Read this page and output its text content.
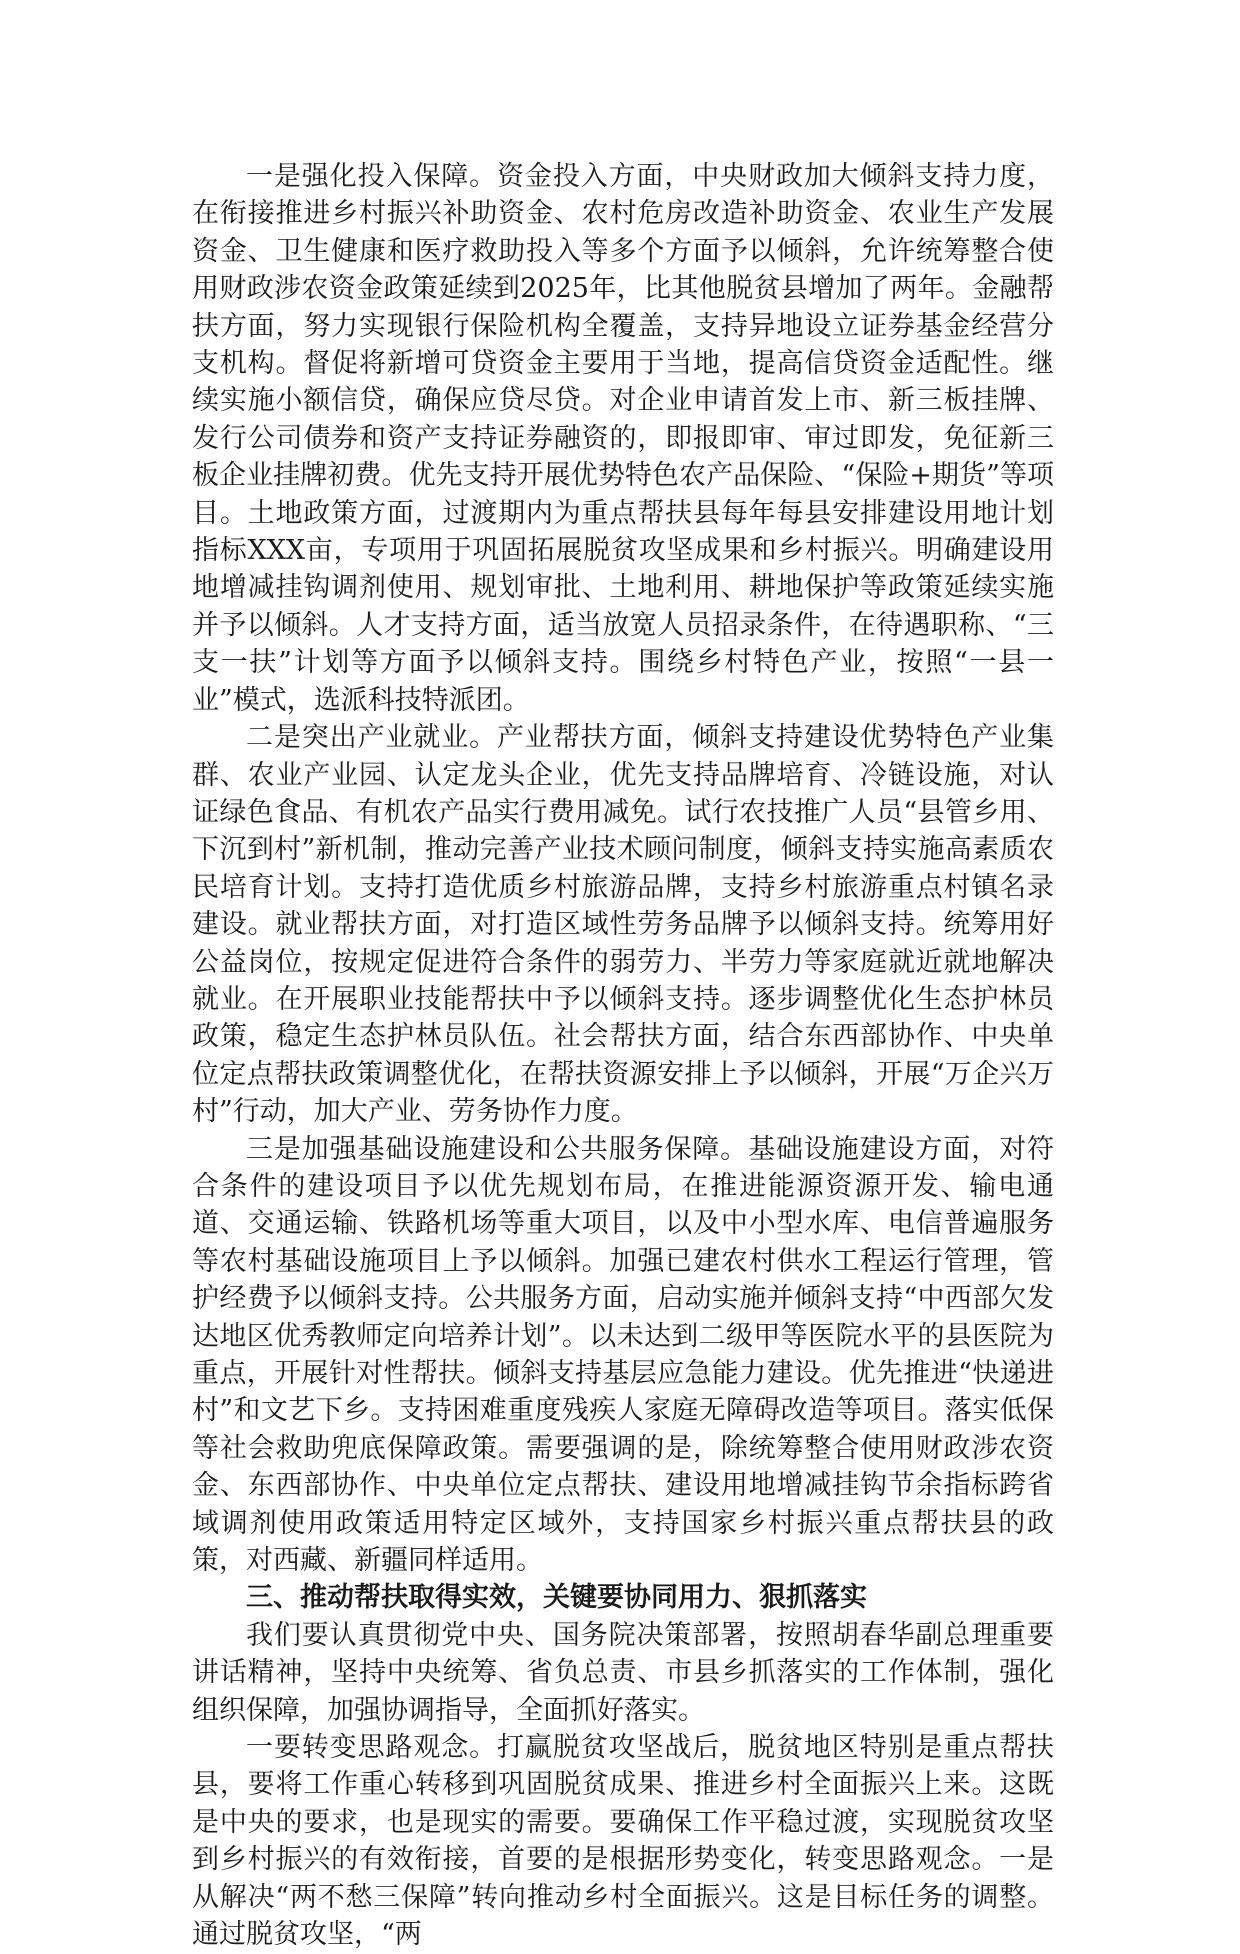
一是强化投入保障。资金投入方面，中央财政加大倾斜支持力度，在衔接推进乡村振兴补助资金、农村危房改造补助资金、农业生产发展资金、卫生健康和医疗救助投入等多个方面予以倾斜，允许统筹整合使用财政涉农资金政策延续到2025年，比其他脱贫县增加了两年。金融帮扶方面，努力实现银行保险机构全覆盖，支持异地设立证券基金经营分支机构。督促将新增可贷资金主要用于当地，提高信贷资金适配性。继续实施小额信贷，确保应贷尽贷。对企业申请首发上市、新三板挂牌、发行公司债券和资产支持证券融资的，即报即审、审过即发，免征新三板企业挂牌初费。优先支持开展优势特色农产品保险、“保险+期货”等项目。土地政策方面，过渡期内为重点帮扶县每年每县安排建设用地计划指标XXX亩，专项用于巩固拓展脱贫攻坚成果和乡村振兴。明确建设用地增减挂钩调剂使用、规划审批、土地利用、耕地保护等政策延续实施并予以倾斜。人才支持方面，适当放宽人员招录条件，在待遇职称、“三支一扶”计划等方面予以倾斜支持。围绕乡村特色产业，按照“一县一业”模式，选派科技特派团。

二是突出产业就业。产业帮扶方面，倾斜支持建设优势特色产业集群、农业产业园、认定龙头企业，优先支持品牌培育、冷链设施，对认证绿色食品、有机农产品实行费用减免。试行农技推广人员“县管乡用、下沉到村”新机制，推动完善产业技术顾问制度，倾斜支持实施高素质农民培育计划。支持打造优质乡村旅游品牌，支持乡村旅游重点村镇名录建设。就业帮扶方面，对打造区域性劳务品牌予以倾斜支持。统筹用好公益岗位，按规定促进符合条件的弱劳力、半劳力等家庭就近就地解决就业。在开展职业技能帮扶中予以倾斜支持。逐步调整优化生态护林员政策，稳定生态护林员队伍。社会帮扶方面，结合东西部协作、中央单位定点帮扶政策调整优化，在帮扶资源安排上予以倾斜，开展“万企兴万村”行动，加大产业、劳务协作力度。

三是加强基础设施建设和公共服务保障。基础设施建设方面，对符合条件的建设项目予以优先规划布局，在推进能源资源开发、输电通道、交通运输、铁路机场等重大项目，以及中小型水库、电信普遍服务等农村基础设施项目上予以倾斜。加强已建农村供水工程运行管理，管护经费予以倾斜支持。公共服务方面，启动实施并倾斜支持“中西部欠发达地区优秀教师定向培养计划”。以未达到二级甲等医院水平的县医院为重点，开展针对性帮扶。倾斜支持基层应急能力建设。优先推进“快递进村”和文艺下乡。支持困难重度残疾人家庭无障碍改造等项目。落实低保等社会救助兜底保障政策。需要强调的是，除统筹整合使用财政涉农资金、东西部协作、中央单位定点帮扶、建设用地增减挂钩节余指标跨省域调剂使用政策适用特定区域外，支持国家乡村振兴重点帮扶县的政策，对西藏、新疆同样适用。

三、推动帮扶取得实效，关键要协同用力、狠抓落实

我们要认真贯彻党中央、国务院决策部署，按照胡春华副总理重要讲话精神，坚持中央统筹、省负总责、市县乡抓落实的工作体制，强化组织保障，加强协调指导，全面抓好落实。

一要转变思路观念。打赢脱贫攻坚战后，脱贫地区特别是重点帮扶县，要将工作重心转移到巩固脱贫成果、推进乡村全面振兴上来。这既是中央的要求，也是现实的需要。要确保工作平稳过渡，实现脱贫攻坚到乡村振兴的有效衔接，首要的是根据形势变化，转变思路观念。一是从解决“两不愁三保障”转向推动乡村全面振兴。这是目标任务的调整。通过脱贫攻坚，“两
